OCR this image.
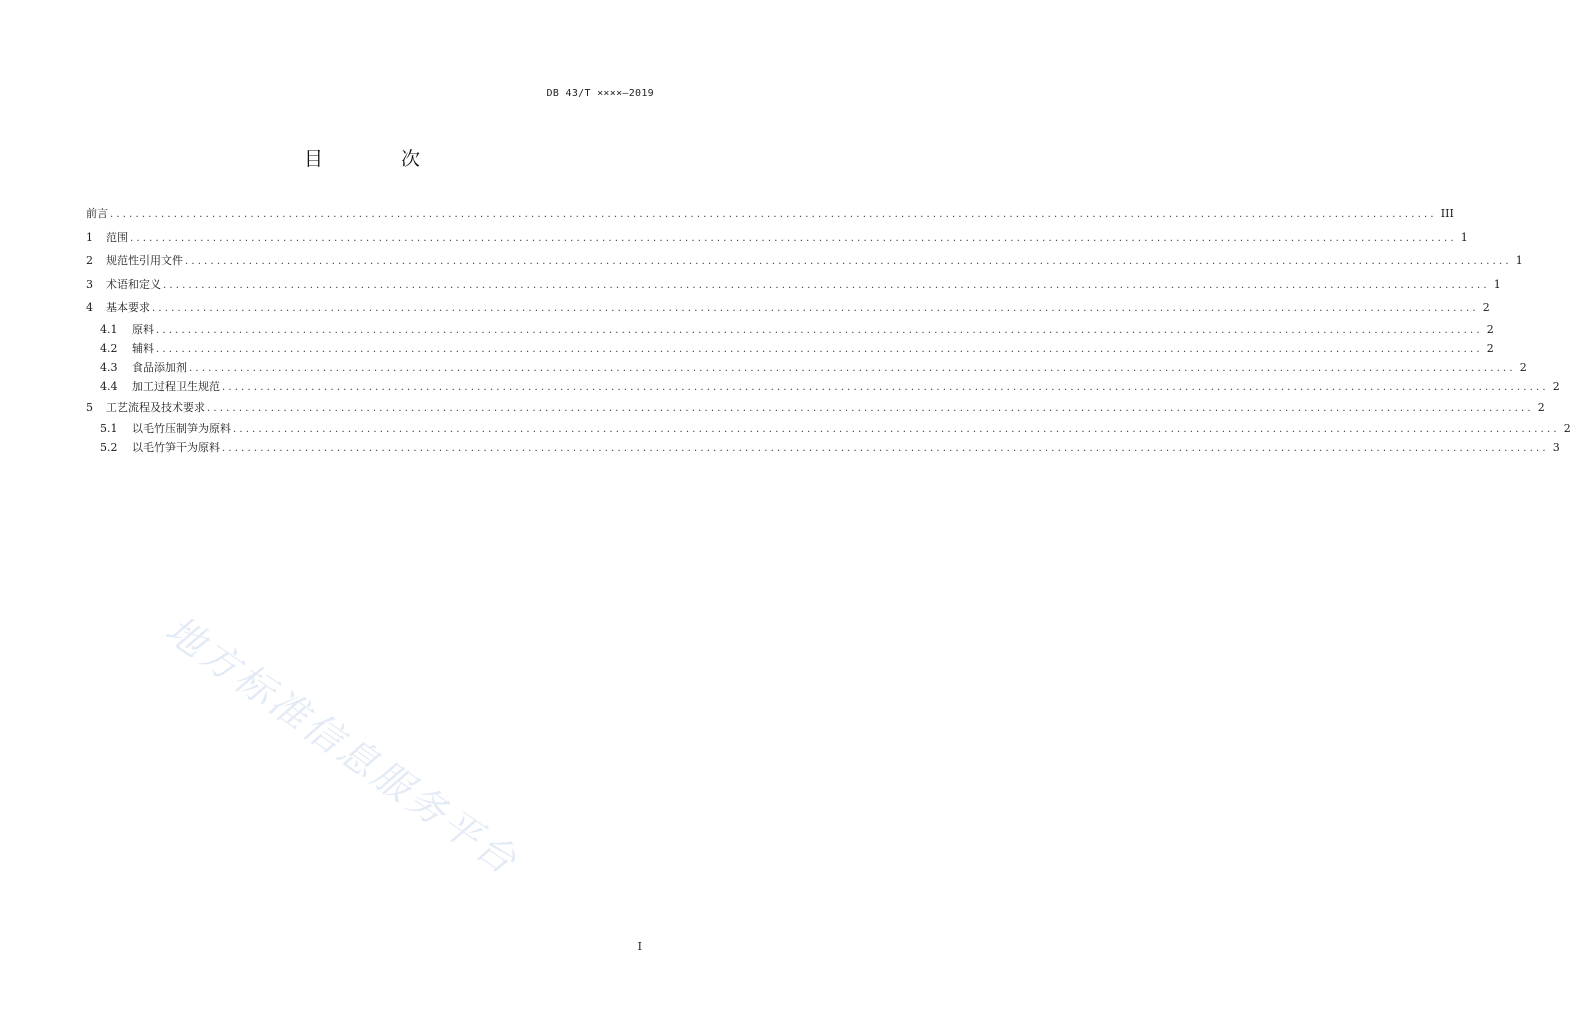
DB 43/T ××××—2019
目 次
前言 ................................................................................................................................................................................................................ III
1	范围 ................................................................................................................................................................................................................ 1
2	规范性引用文件 ................................................................................................................................................................................................................ 1
3	术语和定义 ................................................................................................................................................................................................................ 1
4	基本要求 ................................................................................................................................................................................................................ 2
4.1	原料 ................................................................................................................................................................................................................ 2
4.2	辅料 ................................................................................................................................................................................................................ 2
4.3	食品添加剂 ................................................................................................................................................................................................................ 2
4.4	加工过程卫生规范 ................................................................................................................................................................................................................ 2
5	工艺流程及技术要求 ................................................................................................................................................................................................................ 2
5.1	以毛竹压制笋为原料 ................................................................................................................................................................................................................ 2
5.2	以毛竹笋干为原料 ................................................................................................................................................................................................................ 3
地方标准信息服务平台
I
